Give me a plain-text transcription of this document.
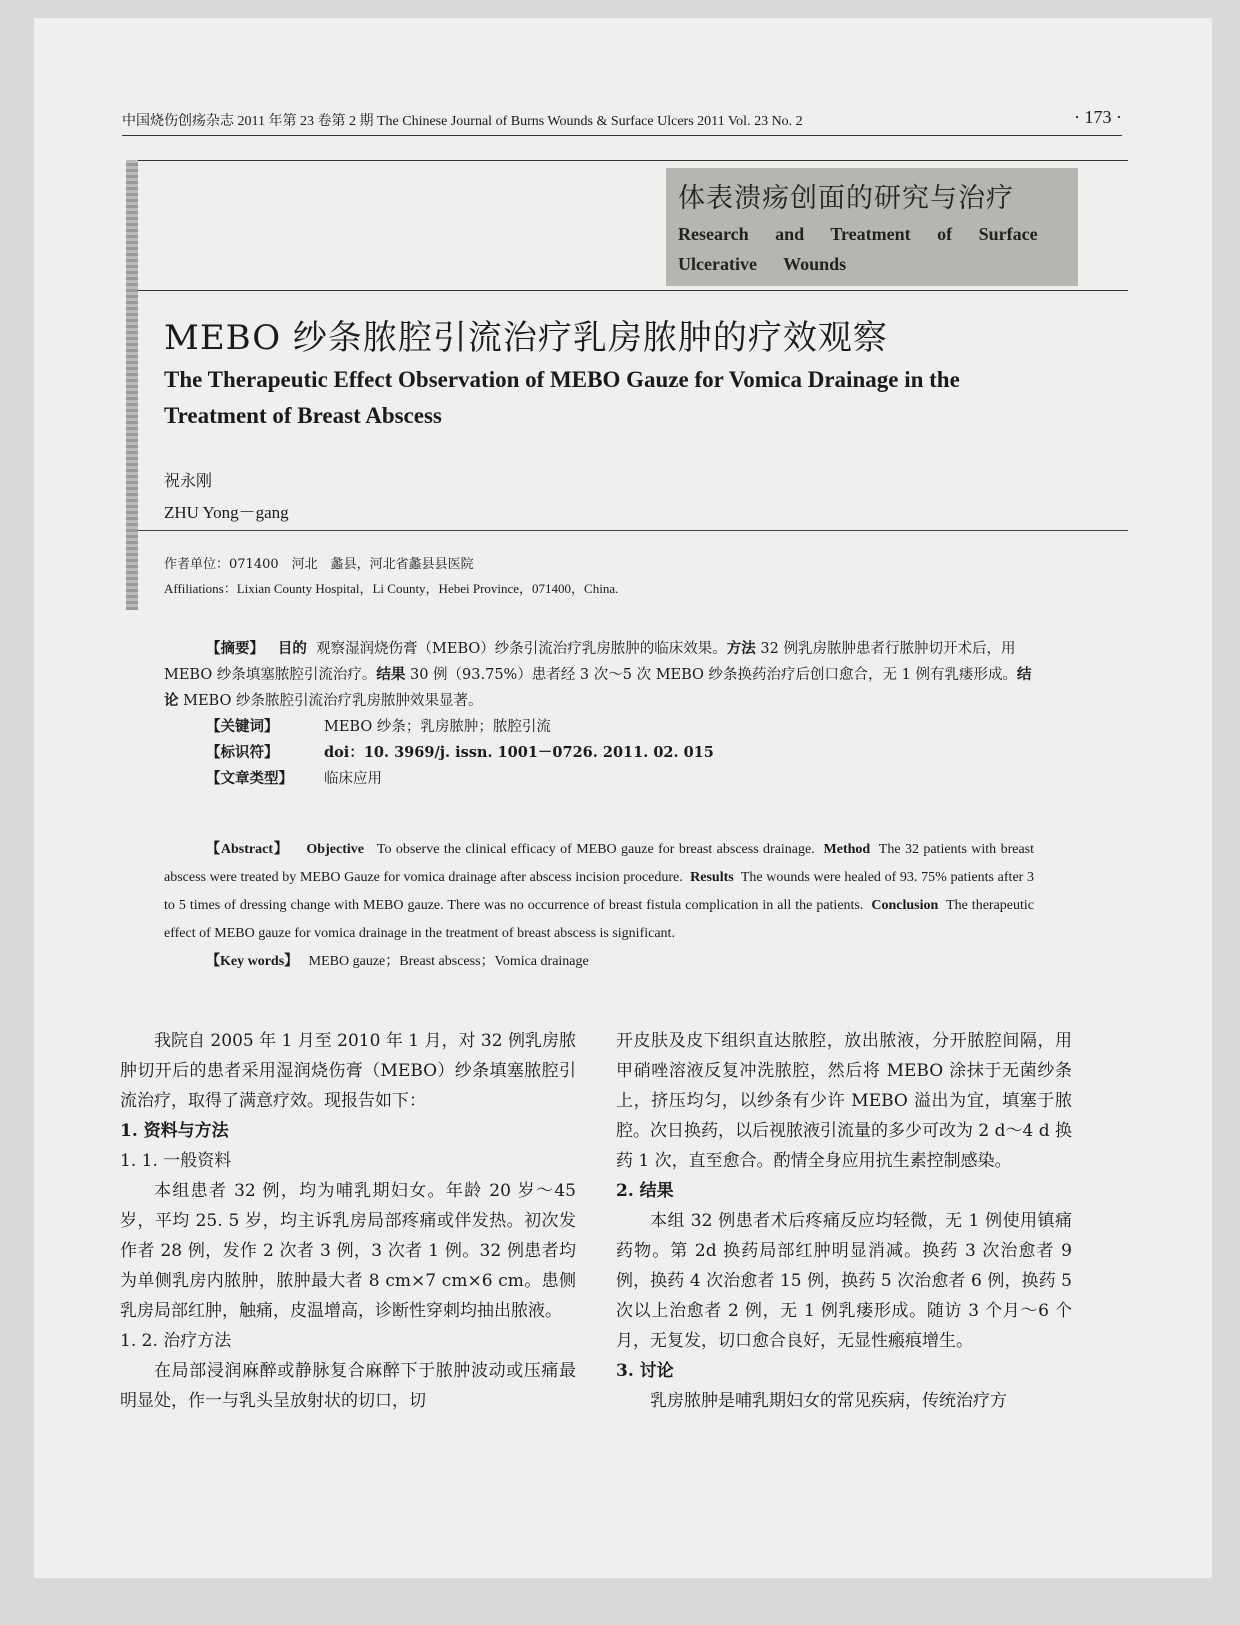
中国烧伤创疡杂志 2011 年第 23 卷第 2 期 The Chinese Journal of Burns Wounds & Surface Ulcers 2011 Vol. 23 No. 2	· 173 ·
体表溃疡创面的研究与治疗
Research and Treatment of Surface Ulcerative Wounds
MEBO 纱条脓腔引流治疗乳房脓肿的疗效观察
The Therapeutic Effect Observation of MEBO Gauze for Vomica Drainage in the Treatment of Breast Abscess
祝永刚
ZHU Yong－gang
作者单位：071400　河北　蠡县，河北省蠡县县医院
Affiliations：Lixian County Hospital，Li County，Hebei Province，071400，China.

【摘要】 目的 观察湿润烧伤膏（MEBO）纱条引流治疗乳房脓肿的临床效果。方法 32 例乳房脓肿患者行脓肿切开术后，用 MEBO 纱条填塞脓腔引流治疗。结果 30 例（93.75%）患者经 3 次～5 次 MEBO 纱条换药治疗后创口愈合，无 1 例有乳瘘形成。结论 MEBO 纱条脓腔引流治疗乳房脓肿效果显著。

【关键词】	MEBO 纱条；乳房脓肿；脓腔引流

【标识符】	doi：10. 3969/j. issn. 1001－0726. 2011. 02. 015

【文章类型】 临床应用

【Abstract】 Objective To observe the clinical efficacy of MEBO gauze for breast abscess drainage. Method The 32 patients with breast abscess were treated by MEBO Gauze for vomica drainage after abscess incision procedure. Results The wounds were healed of 93. 75% patients after 3 to 5 times of dressing change with MEBO gauze. There was no occurrence of breast fistula complication in all the patients. Conclusion The therapeutic effect of MEBO gauze for vomica drainage in the treatment of breast abscess is significant.

【Key words】 MEBO gauze；Breast abscess；Vomica drainage

我院自 2005 年 1 月至 2010 年 1 月，对 32 例乳房脓肿切开后的患者采用湿润烧伤膏（MEBO）纱条填塞脓腔引流治疗，取得了满意疗效。现报告如下：

1. 资料与方法
1. 1. 一般资料

本组患者 32 例，均为哺乳期妇女。年龄 20 岁～45 岁，平均 25. 5 岁，均主诉乳房局部疼痛或伴发热。初次发作者 28 例，发作 2 次者 3 例，3 次者 1 例。32 例患者均为单侧乳房内脓肿，脓肿最大者 8 cm×7 cm×6 cm。患侧乳房局部红肿，触痛，皮温增高，诊断性穿刺均抽出脓液。

1. 2. 治疗方法

在局部浸润麻醉或静脉复合麻醉下于脓肿波动或压痛最明显处，作一与乳头呈放射状的切口，切

开皮肤及皮下组织直达脓腔，放出脓液，分开脓腔间隔，用甲硝唑溶液反复冲洗脓腔，然后将 MEBO 涂抹于无菌纱条上，挤压均匀，以纱条有少许 MEBO 溢出为宜，填塞于脓腔。次日换药，以后视脓液引流量的多少可改为 2 d～4 d 换药 1 次，直至愈合。酌情全身应用抗生素控制感染。

2. 结果

本组 32 例患者术后疼痛反应均轻微，无 1 例使用镇痛药物。第 2d 换药局部红肿明显消减。换药 3 次治愈者 9 例，换药 4 次治愈者 15 例，换药 5 次治愈者 6 例，换药 5 次以上治愈者 2 例，无 1 例乳瘘形成。随访 3 个月～6 个月，无复发，切口愈合良好，无显性瘢痕增生。

3. 讨论

乳房脓肿是哺乳期妇女的常见疾病，传统治疗方
